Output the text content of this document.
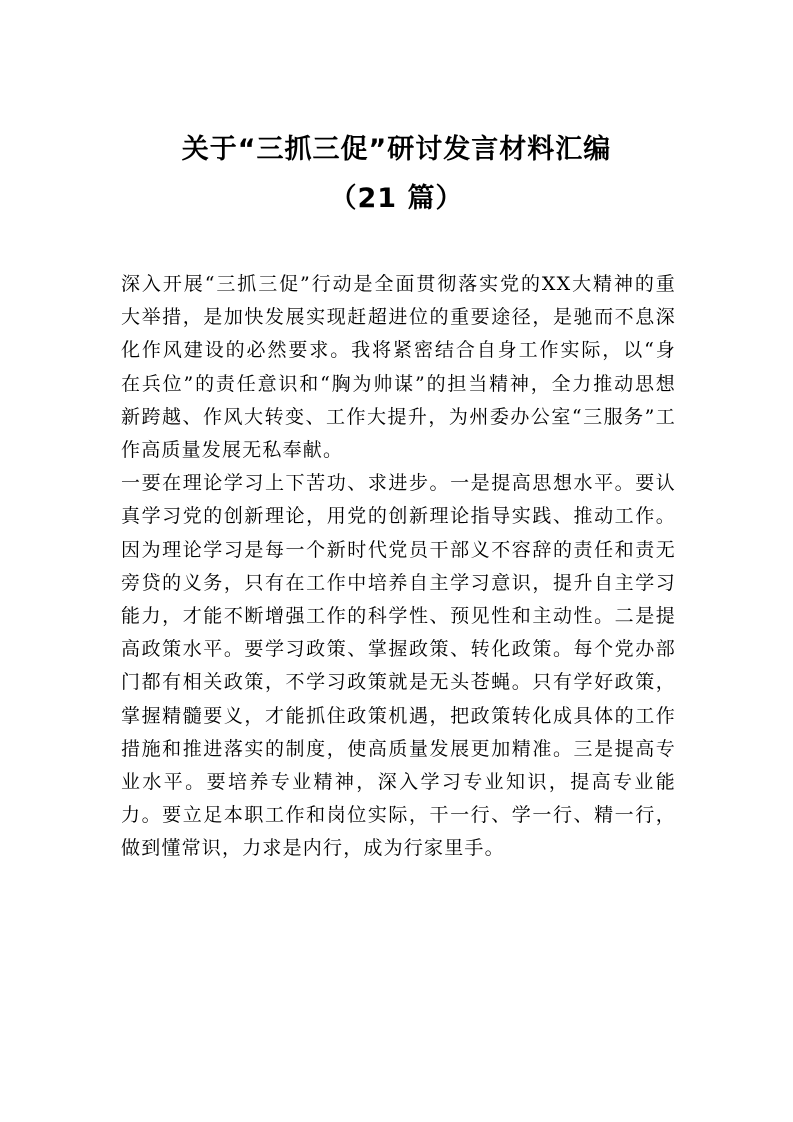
关于“三抓三促”研讨发言材料汇编
（21 篇）

深入开展“三抓三促”行动是全面贯彻落实党的XX大精神的重大举措，是加快发展实现赶超进位的重要途径，是驰而不息深化作风建设的必然要求。我将紧密结合自身工作实际，以“身在兵位”的责任意识和“胸为帅谋”的担当精神，全力推动思想新跨越、作风大转变、工作大提升，为州委办公室“三服务”工作高质量发展无私奉献。

一要在理论学习上下苦功、求进步。一是提高思想水平。要认真学习党的创新理论，用党的创新理论指导实践、推动工作。因为理论学习是每一个新时代党员干部义不容辞的责任和责无旁贷的义务，只有在工作中培养自主学习意识，提升自主学习能力，才能不断增强工作的科学性、预见性和主动性。二是提高政策水平。要学习政策、掌握政策、转化政策。每个党办部门都有相关政策，不学习政策就是无头苍蝇。只有学好政策，掌握精髓要义，才能抓住政策机遇，把政策转化成具体的工作措施和推进落实的制度，使高质量发展更加精准。三是提高专业水平。要培养专业精神，深入学习专业知识，提高专业能力。要立足本职工作和岗位实际，干一行、学一行、精一行，做到懂常识，力求是内行，成为行家里手。
